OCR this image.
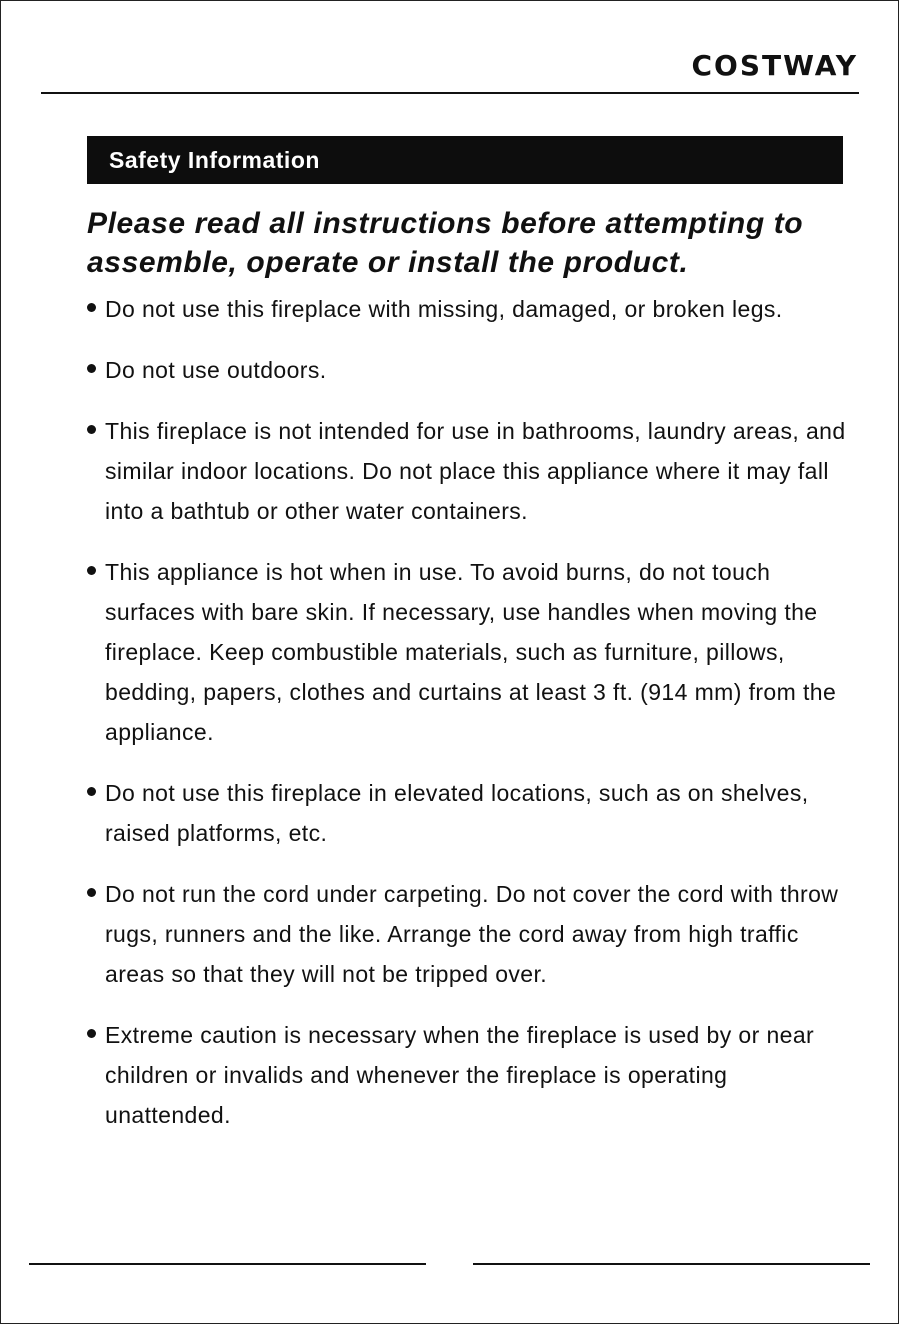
COSTWAY
Safety Information
Please read all instructions before attempting to assemble, operate or install the product.
Do not use this fireplace with missing, damaged, or broken legs.
Do not use outdoors.
This fireplace is not intended for use in bathrooms, laundry areas, and similar indoor locations. Do not place this appliance where it may fall into a bathtub or other water containers.
This appliance is hot when in use. To avoid burns, do not touch surfaces with bare skin. If necessary, use handles when moving the fireplace. Keep combustible materials, such as furniture, pillows, bedding, papers, clothes and curtains at least 3 ft. (914 mm) from the appliance.
Do not use this fireplace in elevated locations, such as on shelves, raised platforms, etc.
Do not run the cord under carpeting. Do not cover the cord with throw rugs, runners and the like. Arrange the cord away from high traffic areas so that they will not be tripped over.
Extreme caution is necessary when the fireplace is used by or near children or invalids and whenever the fireplace is operating unattended.
